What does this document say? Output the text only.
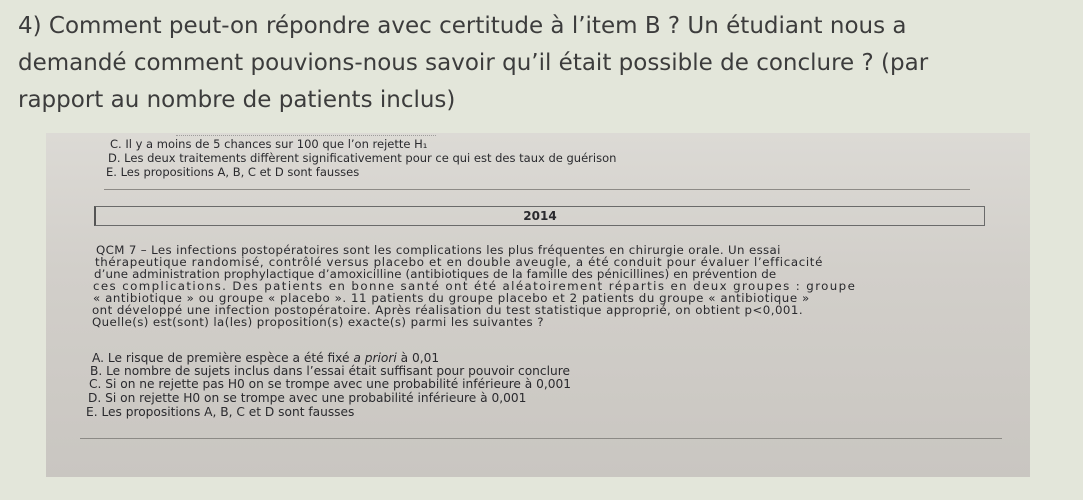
4) Comment peut-on répondre avec certitude à l’item B ? Un étudiant nous a
demandé comment pouvions-nous savoir qu’il était possible de conclure ? (par
rapport au nombre de patients inclus)
C. Il y a moins de 5 chances sur 100 que l’on rejette H₁
D. Les deux traitements diffèrent significativement pour ce qui est des taux de guérison
E. Les propositions A, B, C et D sont fausses
2014
QCM 7 – Les infections postopératoires sont les complications les plus fréquentes en chirurgie orale. Un essai
thérapeutique randomisé, contrôlé versus placebo et en double aveugle, a été conduit pour évaluer l’efficacité
d’une administration prophylactique d’amoxicilline (antibiotiques de la famille des pénicillines) en prévention de
ces complications. Des patients en bonne santé ont été aléatoirement répartis en deux groupes : groupe
« antibiotique » ou groupe « placebo ». 11 patients du groupe placebo et 2 patients du groupe « antibiotique »
ont développé une infection postopératoire. Après réalisation du test statistique approprié, on obtient p<0,001.
Quelle(s) est(sont) la(les) proposition(s) exacte(s) parmi les suivantes ?
A. Le risque de première espèce a été fixé a priori à 0,01
B. Le nombre de sujets inclus dans l’essai était suffisant pour pouvoir conclure
C. Si on ne rejette pas H0 on se trompe avec une probabilité inférieure à 0,001
D. Si on rejette H0 on se trompe avec une probabilité inférieure à 0,001
E. Les propositions A, B, C et D sont fausses
